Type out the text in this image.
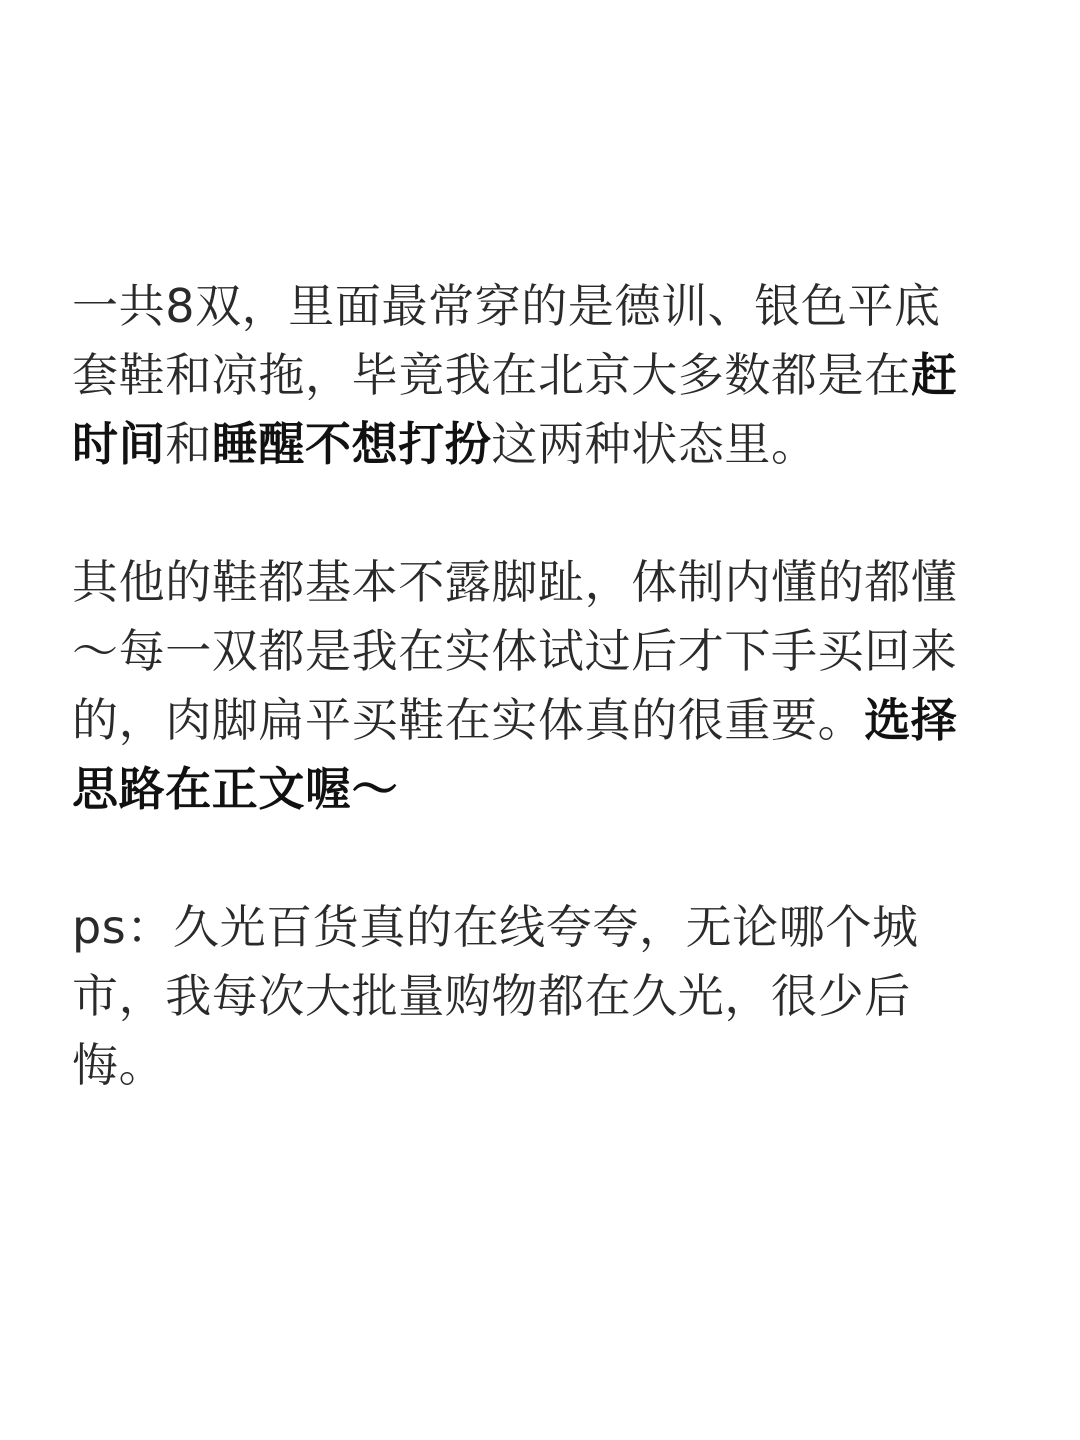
一共8双，里面最常穿的是德训、银色平底套鞋和凉拖，毕竟我在北京大多数都是在赶时间和睡醒不想打扮这两种状态里。

其他的鞋都基本不露脚趾，体制内懂的都懂～每一双都是我在实体试过后才下手买回来的，肉脚扁平买鞋在实体真的很重要。选择思路在正文喔～

ps：久光百货真的在线夸夸，无论哪个城市，我每次大批量购物都在久光，很少后悔。
